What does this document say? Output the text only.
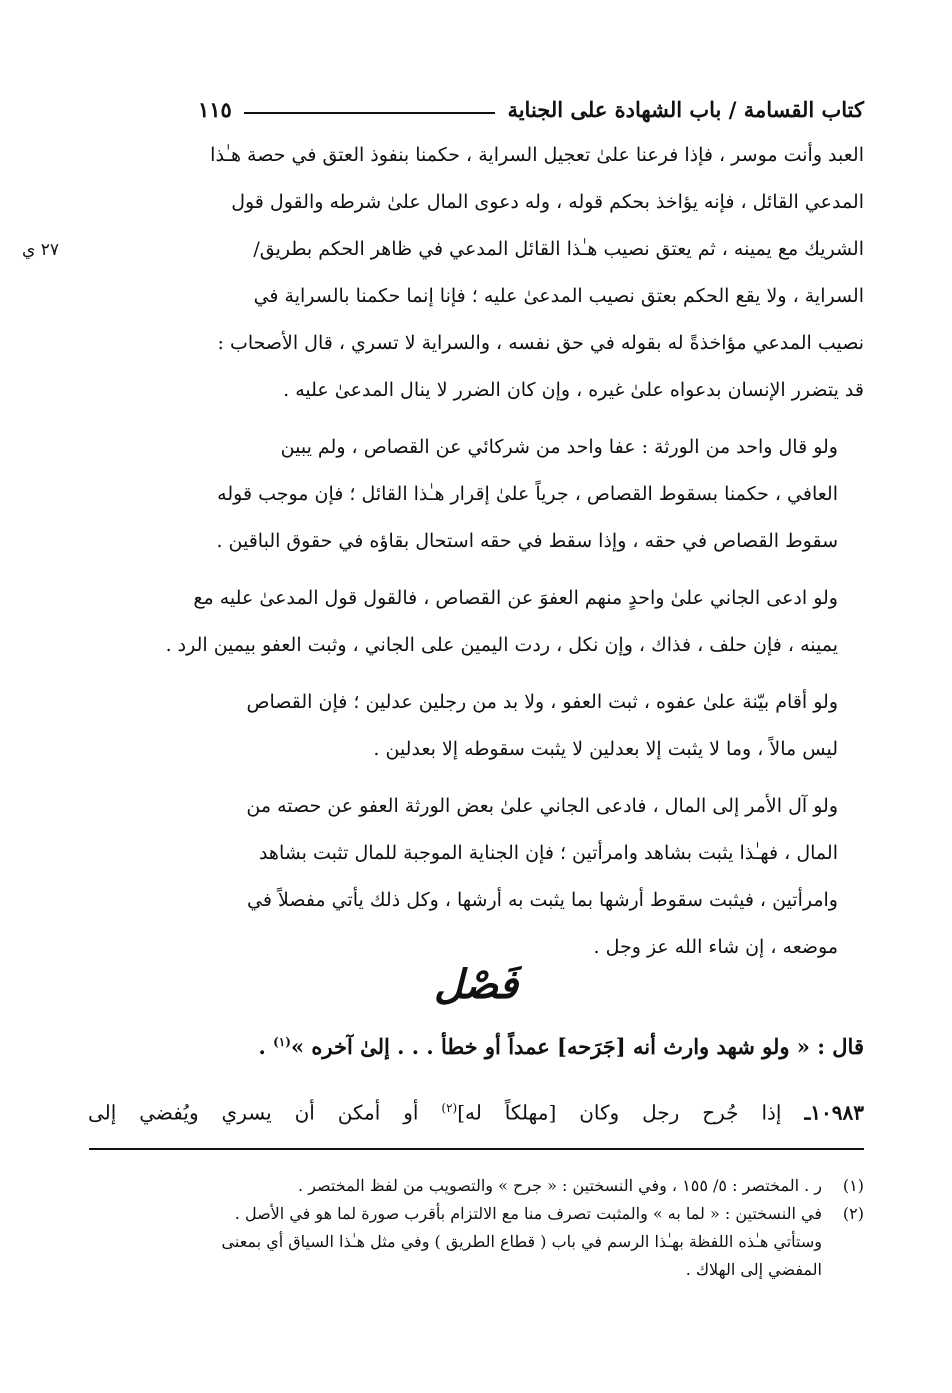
كتاب القسامة / باب الشهادة على الجناية
١١٥
٢٧ ي

العبد وأنت موسر ، فإذا فرعنا علىٰ تعجيل السراية ، حكمنا بنفوذ العتق في حصة هـٰذا
المدعي القائل ، فإنه يؤاخذ بحكم قوله ، وله دعوى المال علىٰ شرطه والقول قول
الشريك مع يمينه ، ثم يعتق نصيب هـٰذا القائل المدعي في ظاهر الحكم بطريق/
السراية ، ولا يقع الحكم بعتق نصيب المدعىٰ عليه ؛ فإنا إنما حكمنا بالسراية في
نصيب المدعي مؤاخذةً له بقوله في حق نفسه ، والسراية لا تسري ، قال الأصحاب :
قد يتضرر الإنسان بدعواه علىٰ غيره ، وإن كان الضرر لا ينال المدعىٰ عليه .

ولو قال واحد من الورثة : عفا واحد من شركائي عن القصاص ، ولم يبين
العافي ، حكمنا بسقوط القصاص ، جرياً علىٰ إقرار هـٰذا القائل ؛ فإن موجب قوله
سقوط القصاص في حقه ، وإذا سقط في حقه استحال بقاؤه في حقوق الباقين .

ولو ادعى الجاني علىٰ واحدٍ منهم العفوَ عن القصاص ، فالقول قول المدعىٰ عليه مع
يمينه ، فإن حلف ، فذاك ، وإن نكل ، ردت اليمين على الجاني ، وثبت العفو بيمين الرد .

ولو أقام بيّنة علىٰ عفوه ، ثبت العفو ، ولا بد من رجلين عدلين ؛ فإن القصاص
ليس مالاً ، وما لا يثبت إلا بعدلين لا يثبت سقوطه إلا بعدلين .

ولو آل الأمر إلى المال ، فادعى الجاني علىٰ بعض الورثة العفو عن حصته من
المال ، فهـٰذا يثبت بشاهد وامرأتين ؛ فإن الجناية الموجبة للمال تثبت بشاهد
وامرأتين ، فيثبت سقوط أرشها بما يثبت به أرشها ، وكل ذلك يأتي مفصلاً في
موضعه ، إن شاء الله عز وجل .

فَصْل
قال : « ولو شهد وارث أنه [جَرَحه] عمداً أو خطأ . . . إلىٰ آخره »$^{(١)}$ .
١٠٩٨٣ـ إذا جُرح رجل وكان [مهلكاً له]$^{(٢)}$ أو أمكن أن يسري ويُفضي إلى
(١)
ر . المختصر : ٥/ ١٥٥ ، وفي النسختين : « جرح » والتصويب من لفظ المختصر .
(٢)
في النسختين : « لما به » والمثبت تصرف منا مع الالتزام بأقرب صورة لما هو في الأصل .
وستأتي هـٰذه اللفظة بهـٰذا الرسم في باب ( قطاع الطريق ) وفي مثل هـٰذا السياق أي بمعنى
المفضي إلى الهلاك .
